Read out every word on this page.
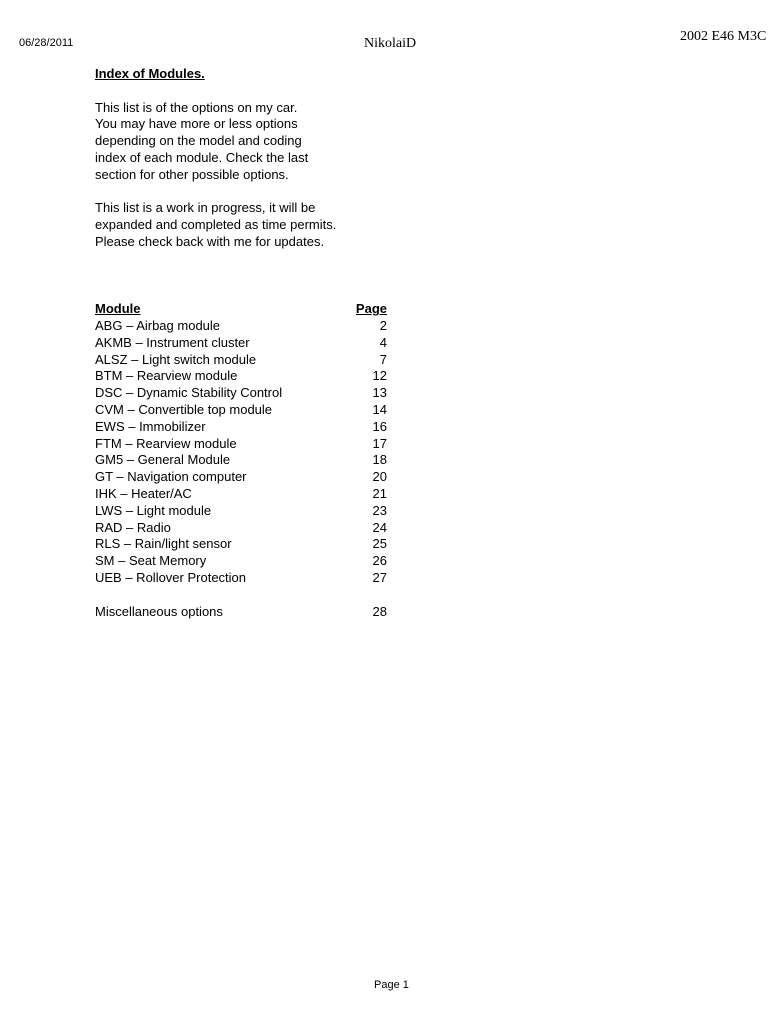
06/28/2011	NikolaiD	2002 E46 M3C
Index of Modules.
This list is of the options on my car.
You may have more or less options
depending on the model and coding
index of each module. Check the last
section for other possible options.
This list is a work in progress, it will be
expanded and completed as time permits.
Please check back with me for updates.
Module	Page
ABG – Airbag module	2
AKMB – Instrument cluster	4
ALSZ – Light switch module	7
BTM – Rearview module	12
DSC – Dynamic Stability Control	13
CVM – Convertible top module	14
EWS – Immobilizer	16
FTM – Rearview module	17
GM5 – General Module	18
GT – Navigation computer	20
IHK – Heater/AC	21
LWS – Light module	23
RAD – Radio	24
RLS – Rain/light sensor	25
SM – Seat Memory	26
UEB – Rollover Protection	27
Miscellaneous options	28
Page 1
